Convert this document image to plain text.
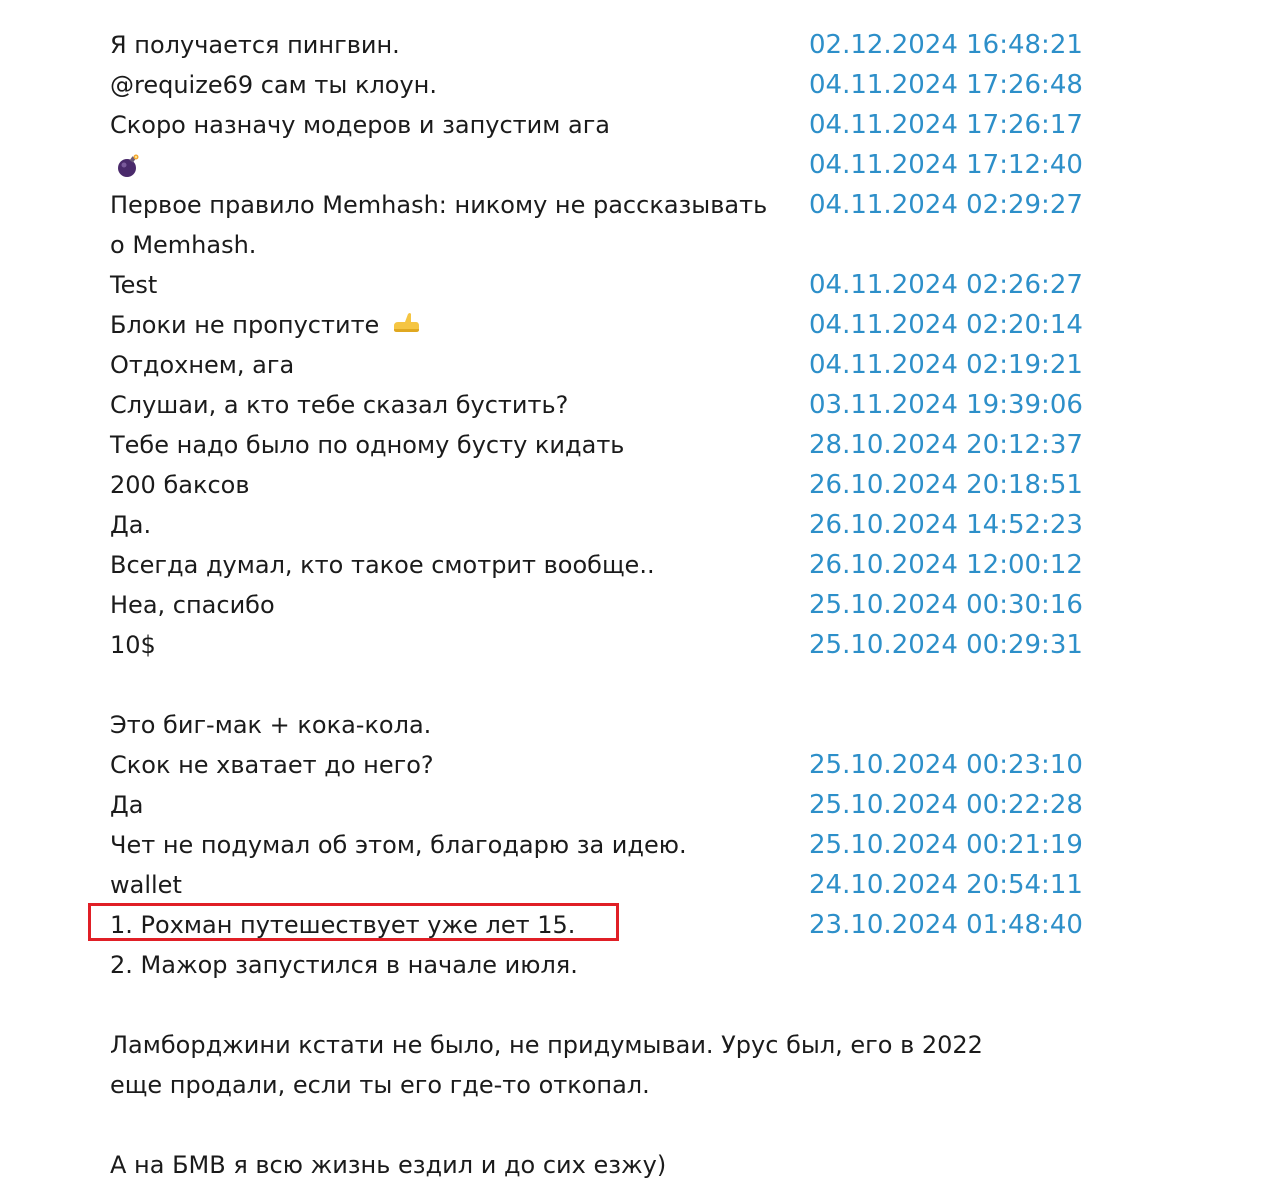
Я получается пингвин.	02.12.2024 16:48:21
@requize69 сам ты клоун.	04.11.2024 17:26:48
Скоро назначу модеров и запустим ага	04.11.2024 17:26:17
04.11.2024 17:12:40
Первое правило Memhash: никому не рассказывать 04.11.2024 02:29:27
о Memhash.
Test	04.11.2024 02:26:27
Блоки не пропустите	04.11.2024 02:20:14
Отдохнем, ага	04.11.2024 02:19:21
Слушаи, а кто тебе сказал бустить?	03.11.2024 19:39:06
Тебе надо было по одному бусту кидать	28.10.2024 20:12:37
200 баксов	26.10.2024 20:18:51
Да.	26.10.2024 14:52:23
Всегда думал, кто такое смотрит вообще..	26.10.2024 12:00:12
Неа, спасибо	25.10.2024 00:30:16
10$	25.10.2024 00:29:31
Это биг-мак + кока-кола.
Скок не хватает до него?	25.10.2024 00:23:10
Да	25.10.2024 00:22:28
Чет не подумал об этом, благодарю за идею.	25.10.2024 00:21:19
wallet	24.10.2024 20:54:11
1. Рохман путешествует уже лет 15.	23.10.2024 01:48:40
2. Мажор запустился в начале июля.
Ламборджини кстати не было, не придумываи. Урус был, его в 2022
еще продали, если ты его где-то откопал.
А на БМВ я всю жизнь ездил и до сих езжу)
